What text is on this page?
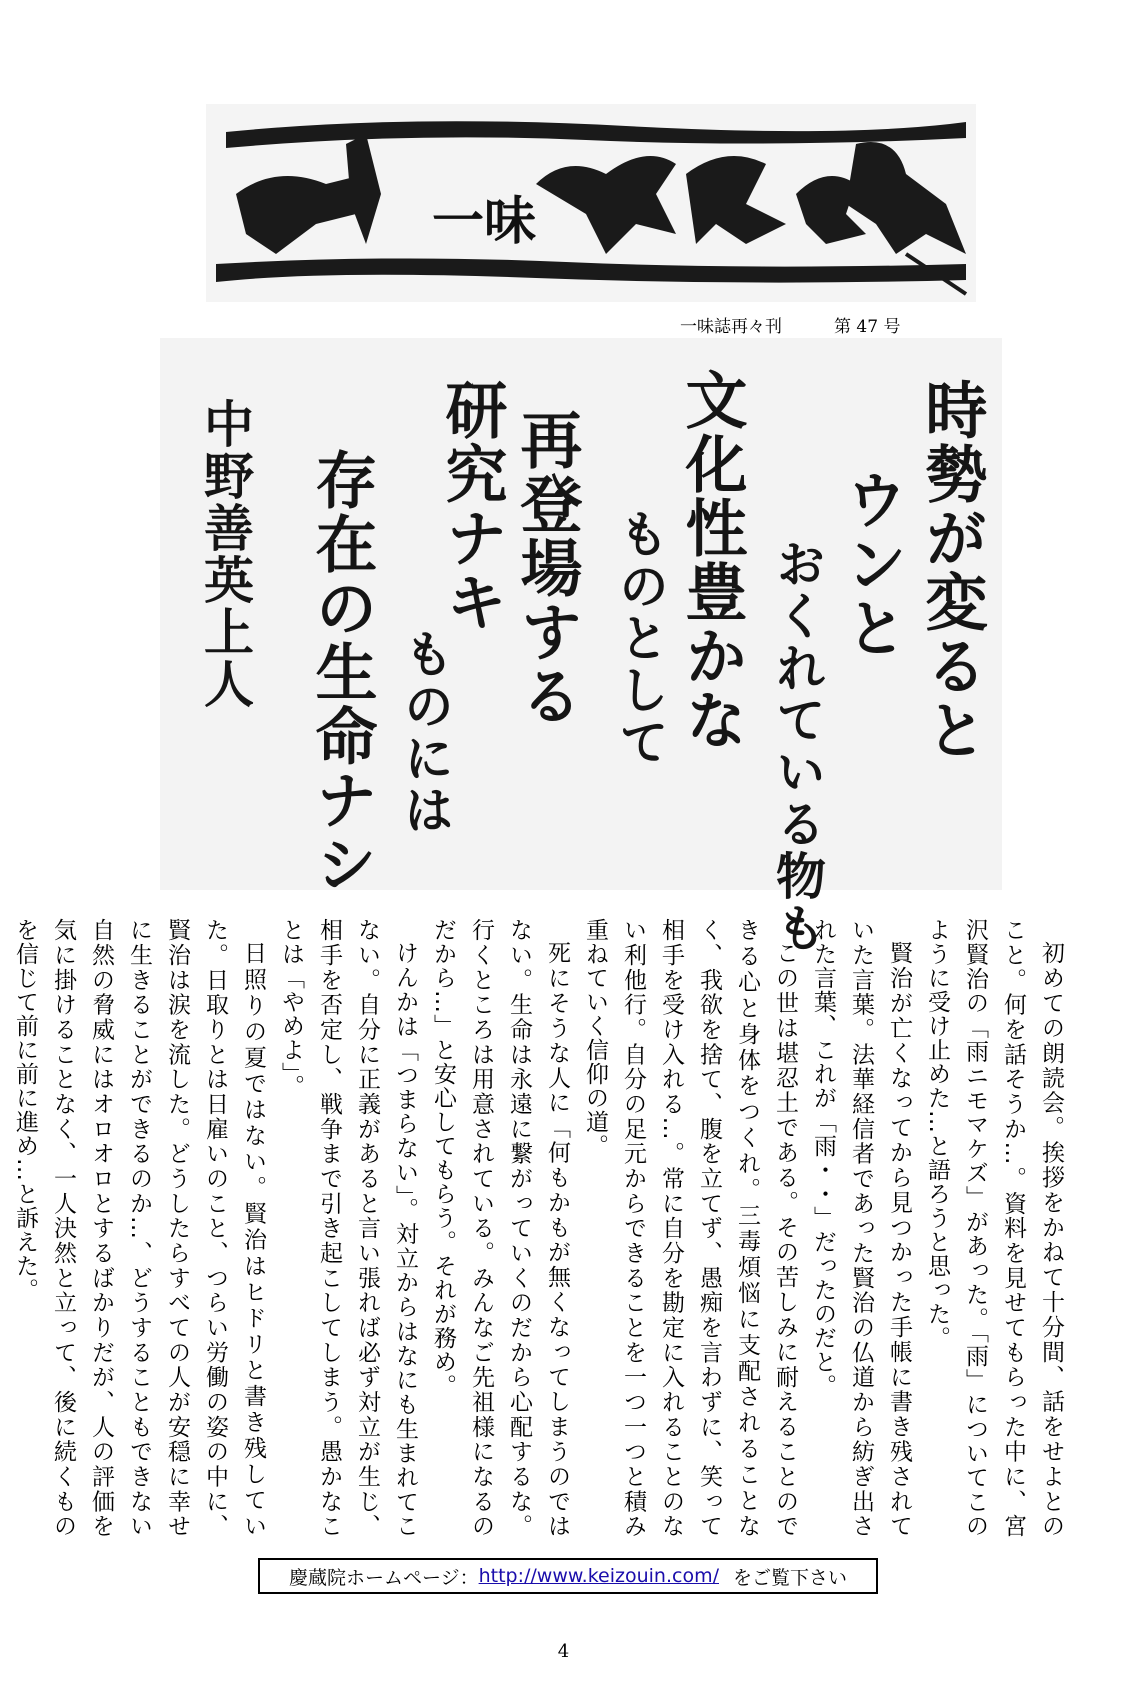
一味
一味誌再々刊	第 47 号
時勢が変ると
ウンと
おくれている物も
文化性豊かな
ものとして
再登場する
研究ナキ
ものには
存在の生命ナシ
中野善英上人

初めての朗読会。挨拶をかねて十分間、話をせよとのこと。何を話そうか…。資料を見せてもらった中に、宮沢賢治の「雨ニモマケズ」があった。「雨」についてこのように受け止めた…と語ろうと思った。

賢治が亡くなってから見つかった手帳に書き残されていた言葉。法華経信者であった賢治の仏道から紡ぎ出された言葉、これが「雨・・」だったのだと。

この世は堪忍土である。その苦しみに耐えることのできる心と身体をつくれ。三毒煩悩に支配されることなく、我欲を捨て、腹を立てず、愚痴を言わずに、笑って相手を受け入れる…。常に自分を勘定に入れることのない利他行。自分の足元からできることを一つ一つと積み重ねていく信仰の道。

死にそうな人に「何もかもが無くなってしまうのではない。生命は永遠に繋がっていくのだから心配するな。行くところは用意されている。みんなご先祖様になるのだから…」と安心してもらう。それが務め。

けんかは「つまらない」。対立からはなにも生まれてこない。自分に正義があると言い張れば必ず対立が生じ、相手を否定し、戦争まで引き起こしてしまう。愚かなことは「やめよ」。

日照りの夏ではない。賢治はヒドリと書き残していた。日取りとは日雇いのこと、つらい労働の姿の中に、賢治は涙を流した。どうしたらすべての人が安穏に幸せに生きることができるのか…、どうすることもできない自然の脅威にはオロオロとするばかりだが、人の評価を気に掛けることなく、一人決然と立って、後に続くものを信じて前に前に進め…と訴えた。

慶蔵院ホームページ： http://www.keizouin.com/ をご覧下さい
4
